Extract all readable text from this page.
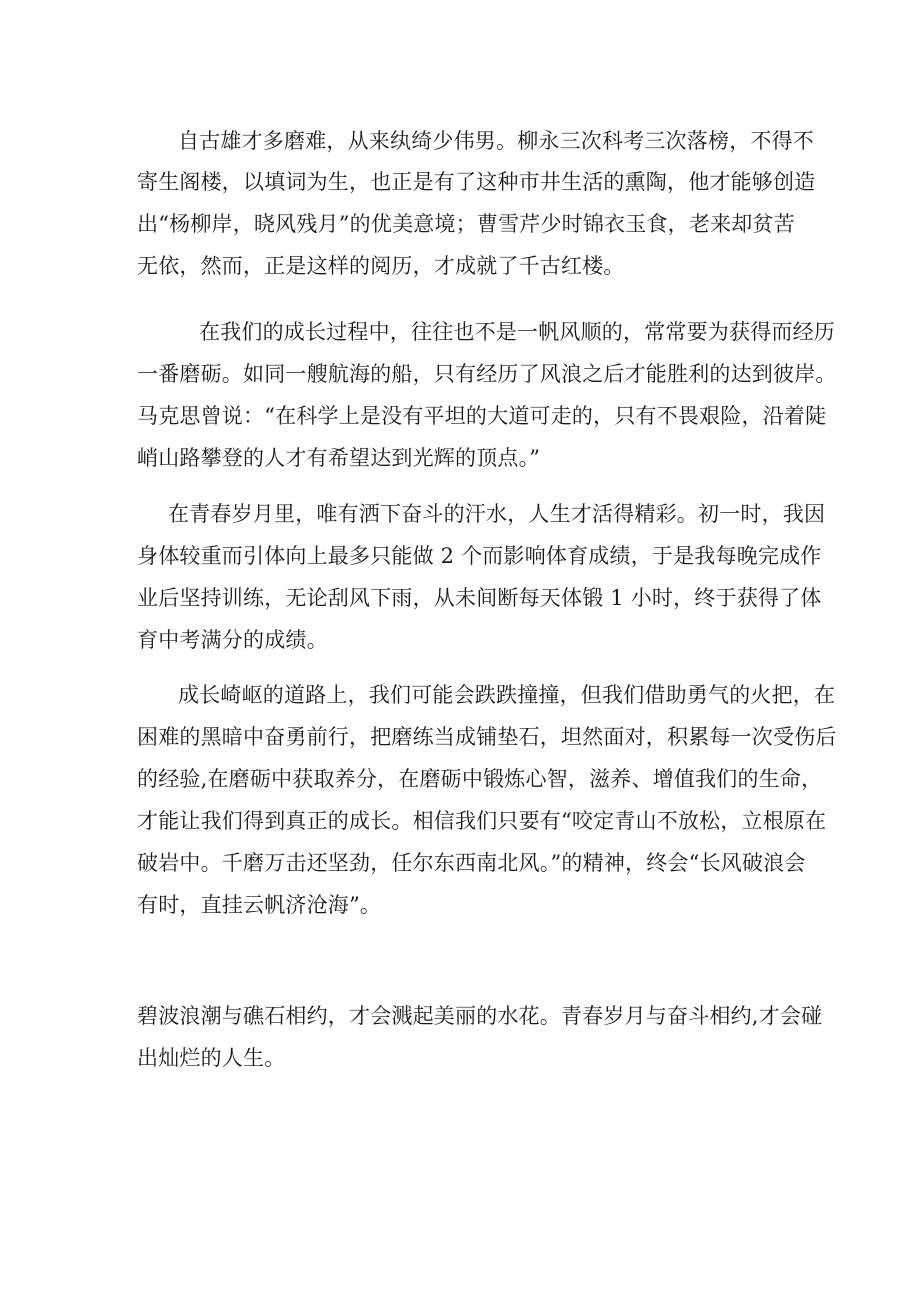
自古雄才多磨难，从来纨绮少伟男。柳永三次科考三次落榜，不得不
寄生阁楼，以填词为生，也正是有了这种市井生活的熏陶，他才能够创造
出“杨柳岸，晓风残月”的优美意境；曹雪芹少时锦衣玉食，老来却贫苦
无依，然而，正是这样的阅历，才成就了千古红楼。
在我们的成长过程中，往往也不是一帆风顺的，常常要为获得而经历
一番磨砺。如同一艘航海的船，只有经历了风浪之后才能胜利的达到彼岸。
马克思曾说：“在科学上是没有平坦的大道可走的，只有不畏艰险，沿着陡
峭山路攀登的人才有希望达到光辉的顶点。”
在青春岁月里，唯有洒下奋斗的汗水，人生才活得精彩。初一时，我因
身体较重而引体向上最多只能做 2 个而影响体育成绩，于是我每晚完成作
业后坚持训练，无论刮风下雨，从未间断每天体锻 1 小时，终于获得了体
育中考满分的成绩。
成长崎岖的道路上，我们可能会跌跌撞撞，但我们借助勇气的火把，在
困难的黑暗中奋勇前行，把磨练当成铺垫石，坦然面对，积累每一次受伤后
的经验,在磨砺中获取养分，在磨砺中锻炼心智，滋养、增值我们的生命，
才能让我们得到真正的成长。相信我们只要有“咬定青山不放松，立根原在
破岩中。千磨万击还坚劲，任尔东西南北风。”的精神，终会“长风破浪会
有时，直挂云帆济沧海”。
碧波浪潮与礁石相约，才会溅起美丽的水花。青春岁月与奋斗相约,才会碰
出灿烂的人生。
